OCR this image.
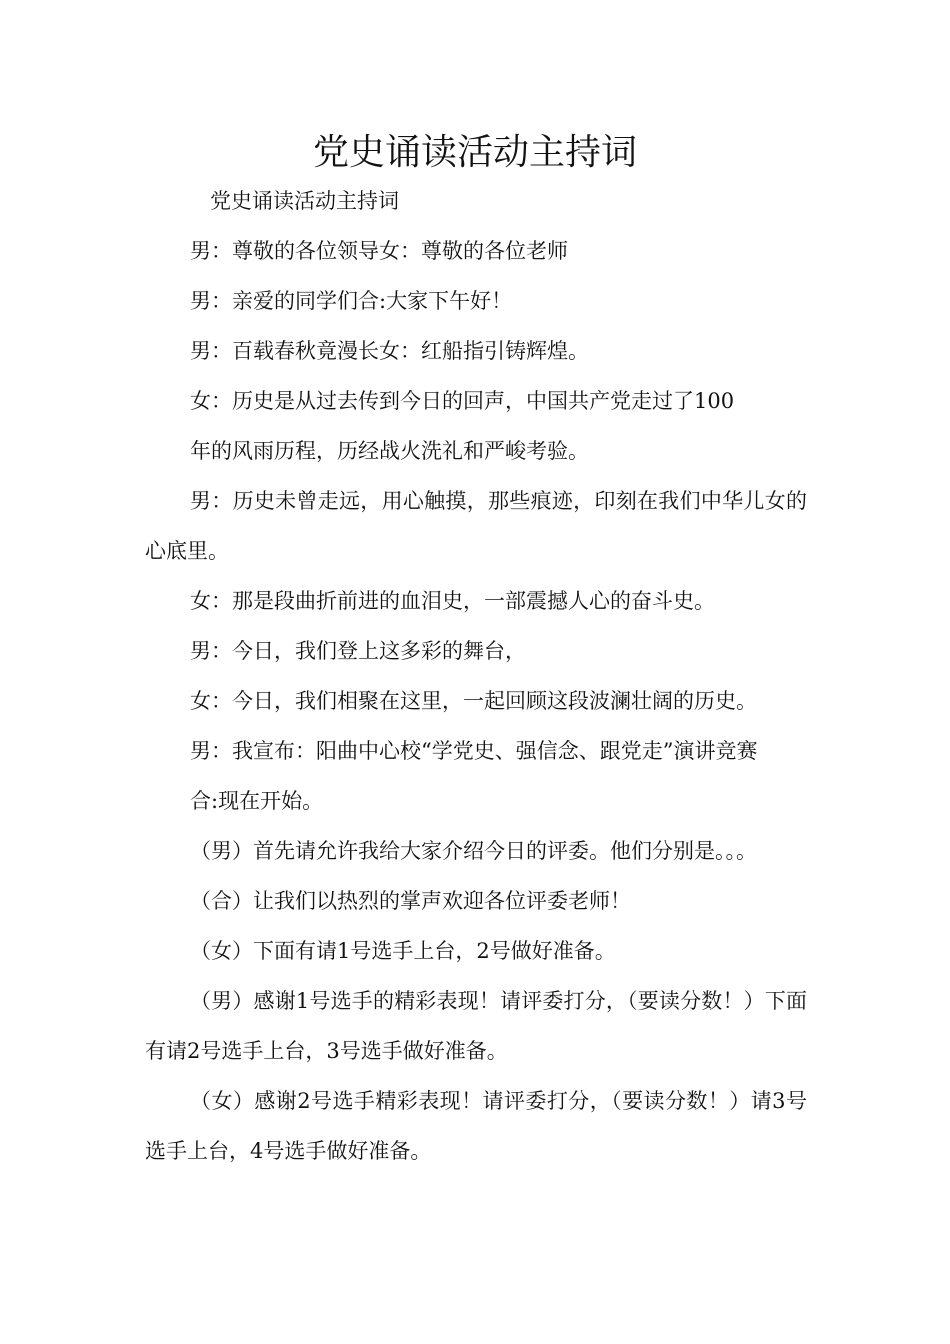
党史诵读活动主持词

党史诵读活动主持词

男：尊敬的各位领导女：尊敬的各位老师

男：亲爱的同学们合:大家下午好！

男：百载春秋竟漫长女：红船指引铸辉煌。

女：历史是从过去传到今日的回声，中国共产党走过了100

年的风雨历程，历经战火洗礼和严峻考验。

男：历史未曾走远，用心触摸，那些痕迹，印刻在我们中华儿女的心底里。

女：那是段曲折前进的血泪史，一部震撼人心的奋斗史。

男：今日，我们登上这多彩的舞台，

女：今日，我们相聚在这里，一起回顾这段波澜壮阔的历史。

男：我宣布：阳曲中心校“学党史、强信念、跟党走”演讲竞赛

合:现在开始。

（男）首先请允许我给大家介绍今日的评委。他们分别是。。。

（合）让我们以热烈的掌声欢迎各位评委老师！

（女）下面有请1号选手上台，2号做好准备。

（男）感谢1号选手的精彩表现！请评委打分，（要读分数！）下面有请2号选手上台，3号选手做好准备。

（女）感谢2号选手精彩表现！请评委打分，（要读分数！）请3号选手上台，4号选手做好准备。
